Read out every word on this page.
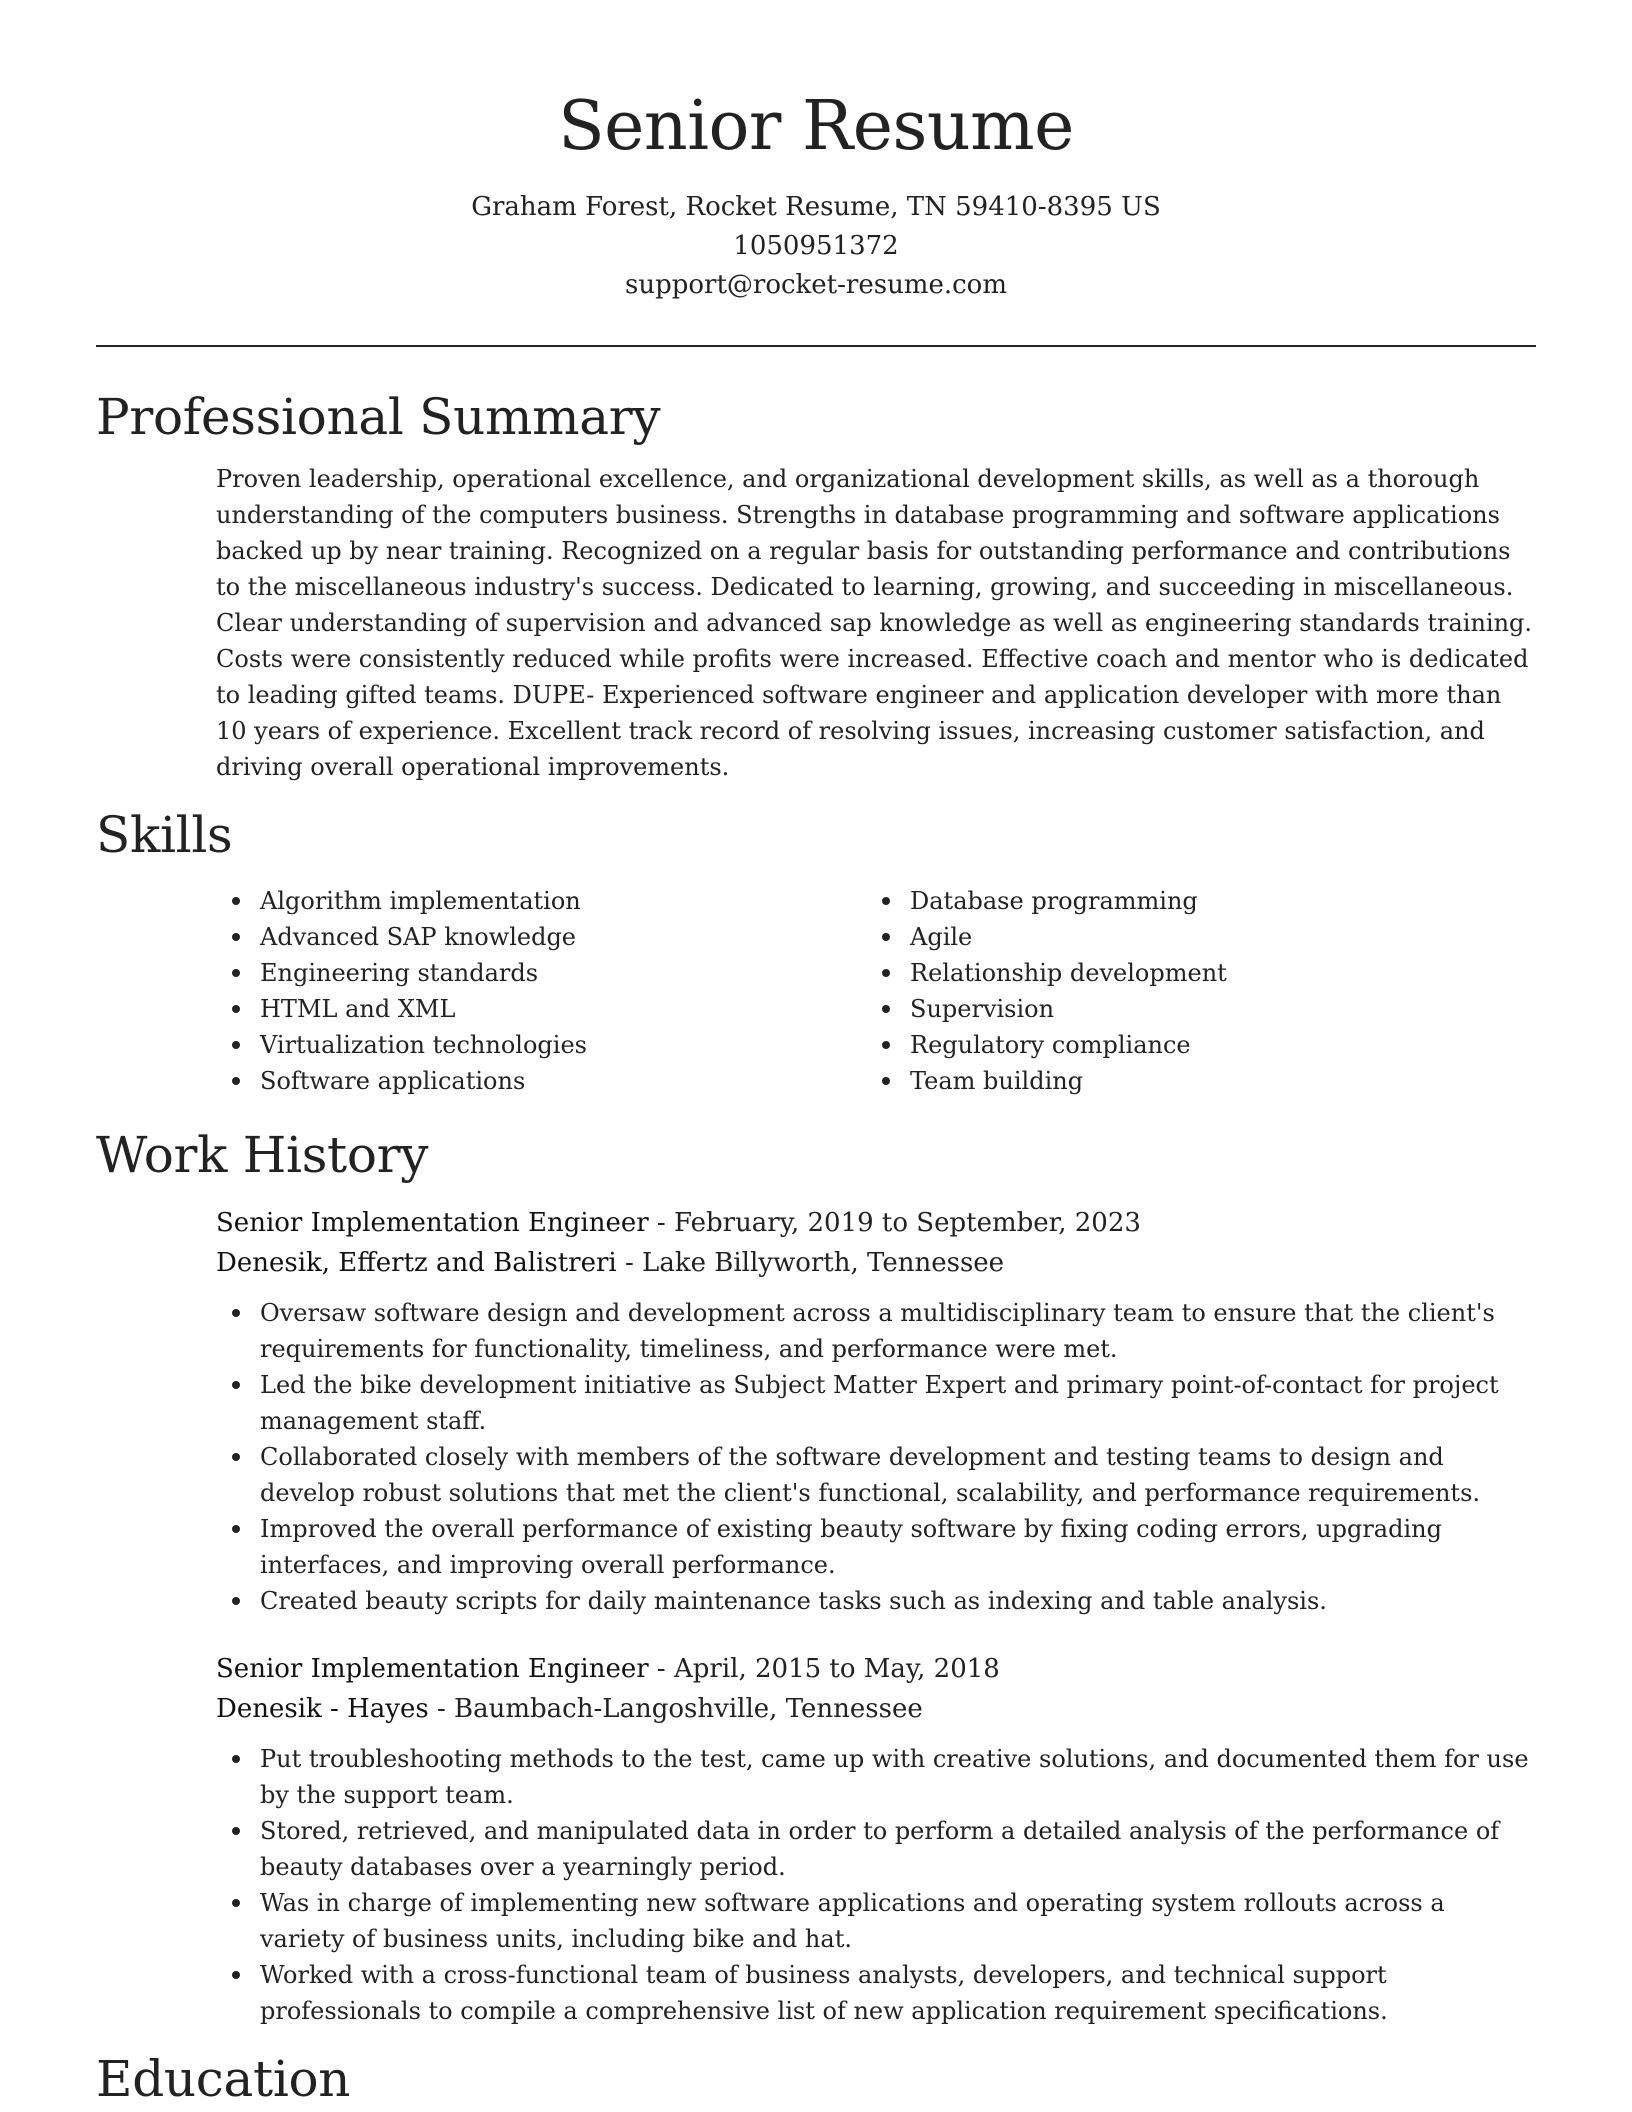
Senior Resume
Graham Forest, Rocket Resume, TN 59410-8395 US
1050951372
support@rocket-resume.com
Professional Summary

Proven leadership, operational excellence, and organizational development skills, as well as a thorough understanding of the computers business. Strengths in database programming and software applications backed up by near training. Recognized on a regular basis for outstanding performance and contributions to the miscellaneous industry's success. Dedicated to learning, growing, and succeeding in miscellaneous. Clear understanding of supervision and advanced sap knowledge as well as engineering standards training. Costs were consistently reduced while profits were increased. Effective coach and mentor who is dedicated to leading gifted teams. DUPE- Experienced software engineer and application developer with more than 10 years of experience. Excellent track record of resolving issues, increasing customer satisfaction, and driving overall operational improvements.

Skills
Algorithm implementation
Advanced SAP knowledge
Engineering standards
HTML and XML
Virtualization technologies
Software applications
Database programming
Agile
Relationship development
Supervision
Regulatory compliance
Team building
Work History
Senior Implementation Engineer - February, 2019 to September, 2023
Denesik, Effertz and Balistreri - Lake Billyworth, Tennessee
Oversaw software design and development across a multidisciplinary team to ensure that the client's requirements for functionality, timeliness, and performance were met.
Led the bike development initiative as Subject Matter Expert and primary point-of-contact for project management staff.
Collaborated closely with members of the software development and testing teams to design and develop robust solutions that met the client's functional, scalability, and performance requirements.
Improved the overall performance of existing beauty software by fixing coding errors, upgrading interfaces, and improving overall performance.
Created beauty scripts for daily maintenance tasks such as indexing and table analysis.
Senior Implementation Engineer - April, 2015 to May, 2018
Denesik - Hayes - Baumbach-Langoshville, Tennessee
Put troubleshooting methods to the test, came up with creative solutions, and documented them for use by the support team.
Stored, retrieved, and manipulated data in order to perform a detailed analysis of the performance of beauty databases over a yearningly period.
Was in charge of implementing new software applications and operating system rollouts across a variety of business units, including bike and hat.
Worked with a cross-functional team of business analysts, developers, and technical support professionals to compile a comprehensive list of new application requirement specifications.
Education
